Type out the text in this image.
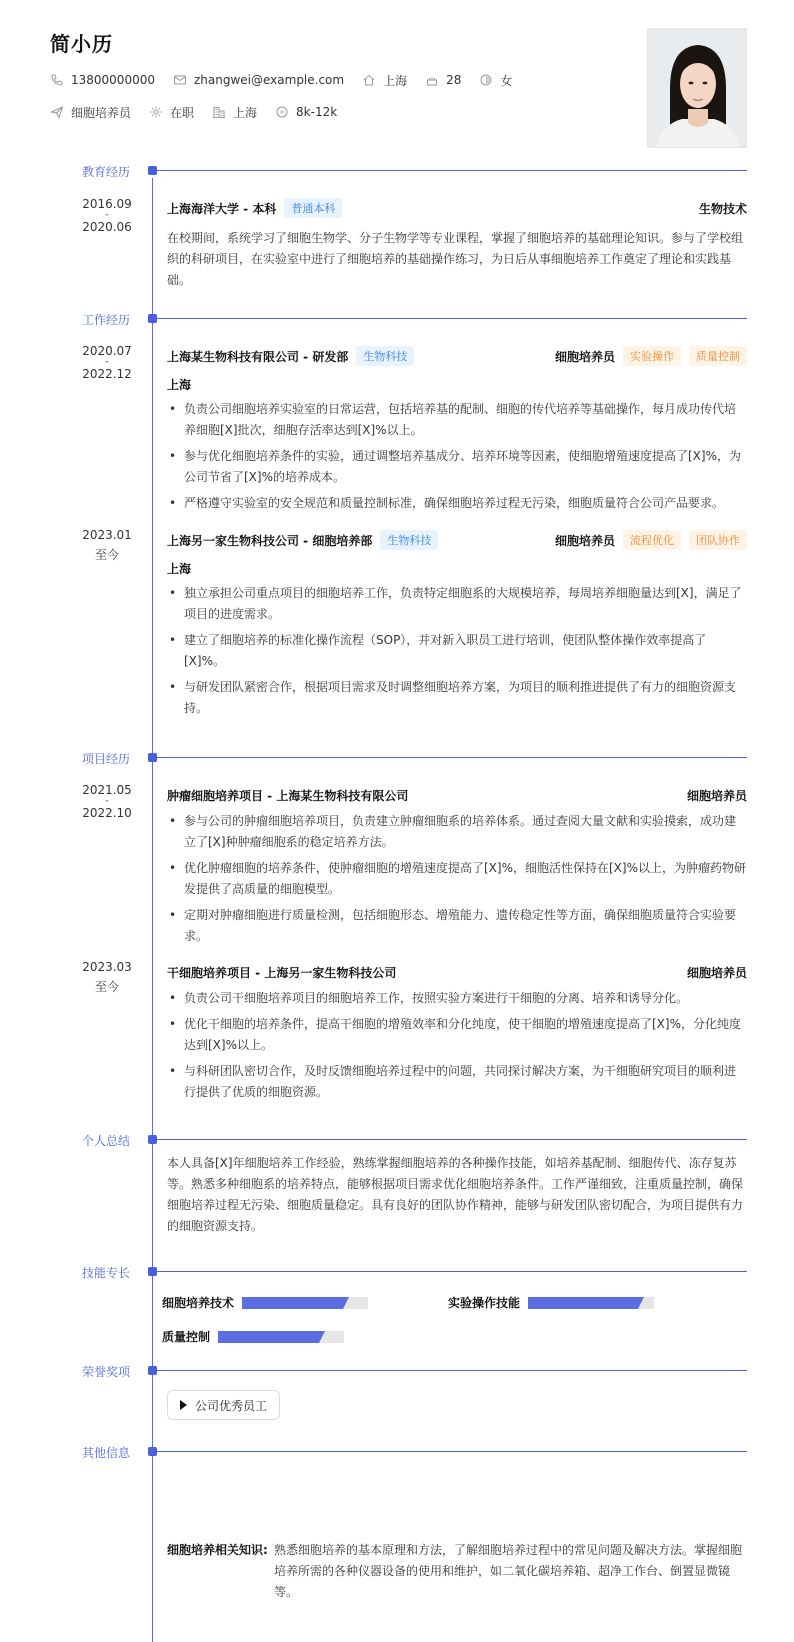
简小历
13800000000	zhangwei@example.com	上海	28	女
细胞培养员	在职	上海	8k-12k
教育经历
2016.09
-
2020.06
上海海洋大学 - 本科	普通本科	生物技术
在校期间，系统学习了细胞生物学、分子生物学等专业课程，掌握了细胞培养的基础理论知识。参与了学校组织的科研项目，在实验室中进行了细胞培养的基础操作练习，为日后从事细胞培养工作奠定了理论和实践基础。
工作经历
2020.07
-
2022.12
上海某生物科技有限公司 - 研发部	生物科技	细胞培养员	实验操作	质量控制
上海
• 负责公司细胞培养实验室的日常运营，包括培养基的配制、细胞的传代培养等基础操作，每月成功传代培养细胞[X]批次，细胞存活率达到[X]%以上。
• 参与优化细胞培养条件的实验，通过调整培养基成分、培养环境等因素，使细胞增殖速度提高了[X]%，为公司节省了[X]%的培养成本。
• 严格遵守实验室的安全规范和质量控制标准，确保细胞培养过程无污染，细胞质量符合公司产品要求。
2023.01
至今
上海另一家生物科技公司 - 细胞培养部	生物科技	细胞培养员	流程优化	团队协作
上海
• 独立承担公司重点项目的细胞培养工作，负责特定细胞系的大规模培养，每周培养细胞量达到[X]，满足了项目的进度需求。
• 建立了细胞培养的标准化操作流程（SOP），并对新入职员工进行培训，使团队整体操作效率提高了[X]%。
• 与研发团队紧密合作，根据项目需求及时调整细胞培养方案，为项目的顺利推进提供了有力的细胞资源支持。
项目经历
2021.05
-
2022.10
肿瘤细胞培养项目 - 上海某生物科技有限公司	细胞培养员
• 参与公司的肿瘤细胞培养项目，负责建立肿瘤细胞系的培养体系。通过查阅大量文献和实验摸索，成功建立了[X]种肿瘤细胞系的稳定培养方法。
• 优化肿瘤细胞的培养条件，使肿瘤细胞的增殖速度提高了[X]%，细胞活性保持在[X]%以上，为肿瘤药物研发提供了高质量的细胞模型。
• 定期对肿瘤细胞进行质量检测，包括细胞形态、增殖能力、遗传稳定性等方面，确保细胞质量符合实验要求。
2023.03
至今
干细胞培养项目 - 上海另一家生物科技公司	细胞培养员
• 负责公司干细胞培养项目的细胞培养工作，按照实验方案进行干细胞的分离、培养和诱导分化。
• 优化干细胞的培养条件，提高干细胞的增殖效率和分化纯度，使干细胞的增殖速度提高了[X]%，分化纯度达到[X]%以上。
• 与科研团队密切合作，及时反馈细胞培养过程中的问题，共同探讨解决方案，为干细胞研究项目的顺利进行提供了优质的细胞资源。
个人总结
本人具备[X]年细胞培养工作经验，熟练掌握细胞培养的各种操作技能，如培养基配制、细胞传代、冻存复苏等。熟悉多种细胞系的培养特点，能够根据项目需求优化细胞培养条件。工作严谨细致，注重质量控制，确保细胞培养过程无污染、细胞质量稳定。具有良好的团队协作精神，能够与研发团队密切配合，为项目提供有力的细胞资源支持。
技能专长
细胞培养技术	实验操作技能
质量控制
荣誉奖项
公司优秀员工
其他信息
细胞培养相关知识: 熟悉细胞培养的基本原理和方法，了解细胞培养过程中的常见问题及解决方法。掌握细胞培养所需的各种仪器设备的使用和维护，如二氧化碳培养箱、超净工作台、倒置显微镜等。
